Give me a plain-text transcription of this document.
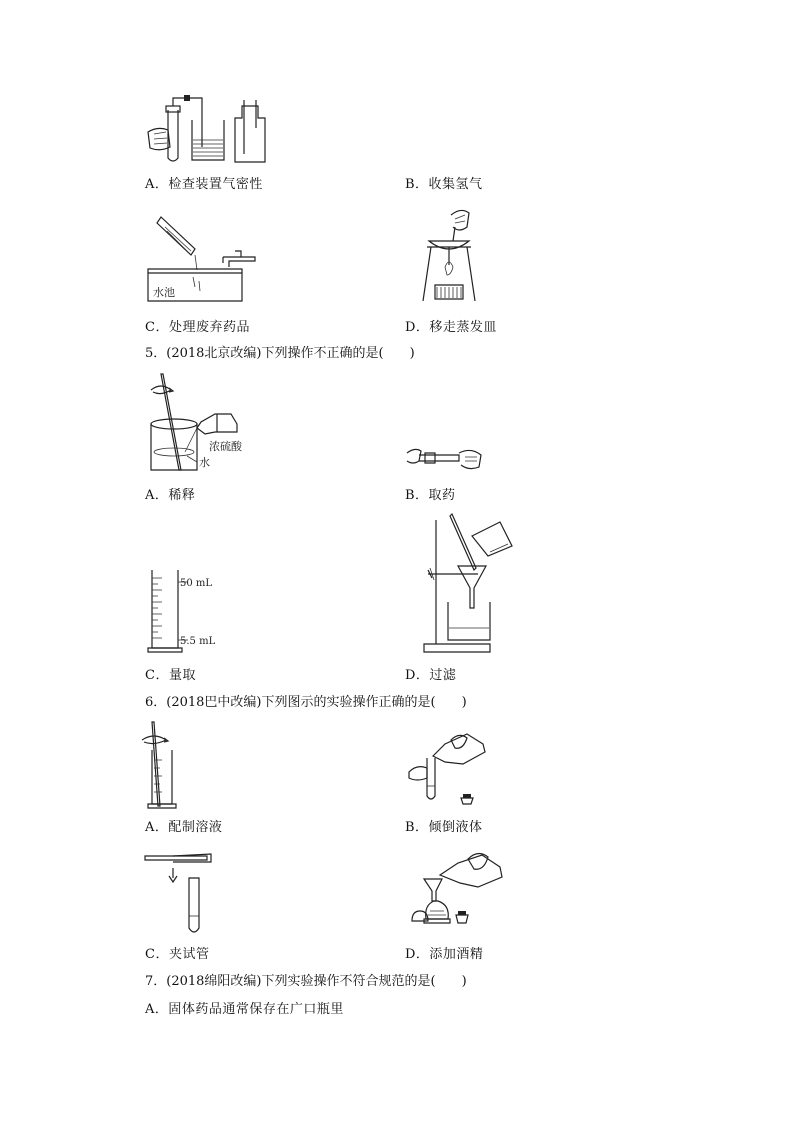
A．检查装置气密性	B．收集氢气
水池
C．处理废弃药品	D．移走蒸发皿
5．(2018北京改编)下列操作不正确的是(　　)
浓硫酸
水
A．稀释	B．取药
50 mL
5.5 mL
C．量取	D．过滤
6．(2018巴中改编)下列图示的实验操作正确的是(　　)
A．配制溶液	B．倾倒液体
C．夹试管	D．添加酒精
7．(2018绵阳改编)下列实验操作不符合规范的是(　　)
A．固体药品通常保存在广口瓶里
